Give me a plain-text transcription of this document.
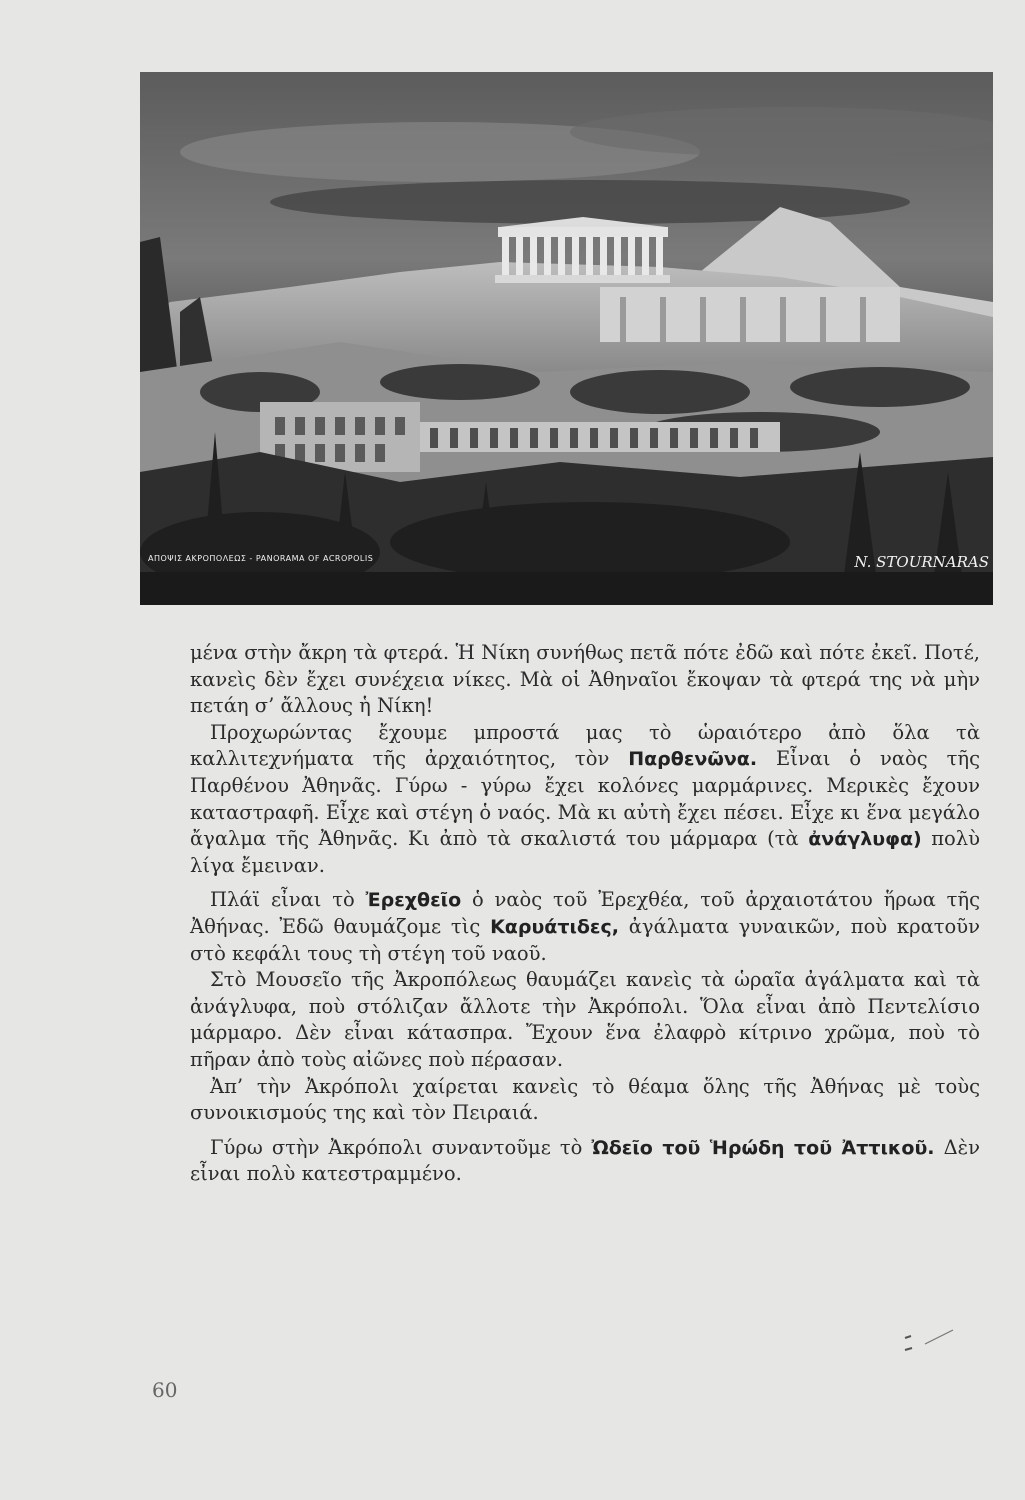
ΑΠΟΨΙΣ ΑΚΡΟΠΟΛΕΩΣ - PANORAMA OF ACROPOLIS	N. STOURNARAS

μένα στὴν ἄκρη τὰ φτερά. Ἡ Νίκη συνήθως πετᾶ πότε ἐδῶ καὶ πότε ἐκεῖ. Ποτέ, κανεὶς δὲν ἔχει συνέχεια νίκες. Μὰ οἱ Ἀθηναῖοι ἔκοψαν τὰ φτερά της νὰ μὴν πετάη σ’ ἄλλους ἡ Νίκη!

Προχωρώντας ἔχουμε μπροστά μας τὸ ὡραιότερο ἀπὸ ὅλα τὰ καλλιτεχνήματα τῆς ἀρχαιότητος, τὸν Παρθενῶνα. Εἶναι ὁ ναὸς τῆς Παρθένου Ἀθηνᾶς. Γύρω - γύρω ἔχει κολόνες μαρμάρινες. Μερικὲς ἔχουν καταστραφῆ. Εἶχε καὶ στέγη ὁ ναός. Μὰ κι αὐτὴ ἔχει πέσει. Εἶχε κι ἕνα μεγάλο ἄγαλμα τῆς Ἀθηνᾶς. Κι ἀπὸ τὰ σκαλιστά του μάρμαρα (τὰ ἀνάγλυφα) πολὺ λίγα ἔμειναν.

Πλάϊ εἶναι τὸ Ἐρεχθεῖο ὁ ναὸς τοῦ Ἐρεχθέα, τοῦ ἀρχαιοτάτου ἥρωα τῆς Ἀθήνας. Ἐδῶ θαυμάζομε τὶς Καρυάτιδες, ἀγάλματα γυναικῶν, ποὺ κρατοῦν στὸ κεφάλι τους τὴ στέγη τοῦ ναοῦ.

Στὸ Μουσεῖο τῆς Ἀκροπόλεως θαυμάζει κανεὶς τὰ ὡραῖα ἀγάλματα καὶ τὰ ἀνάγλυφα, ποὺ στόλιζαν ἄλλοτε τὴν Ἀκρόπολι. Ὅλα εἶναι ἀπὸ Πεντελίσιο μάρμαρο. Δὲν εἶναι κάτασπρα. Ἔχουν ἕνα ἐλαφρὸ κίτρινο χρῶμα, ποὺ τὸ πῆραν ἀπὸ τοὺς αἰῶνες ποὺ πέρασαν.

Ἀπ’ τὴν Ἀκρόπολι χαίρεται κανεὶς τὸ θέαμα ὅλης τῆς Ἀθήνας μὲ τοὺς συνοικισμούς της καὶ τὸν Πειραιά.

Γύρω στὴν Ἀκρόπολι συναντοῦμε τὸ Ὠδεῖο τοῦ Ἡρώδη τοῦ Ἀττικοῦ. Δὲν εἶναι πολὺ κατεστραμμένο.

60
